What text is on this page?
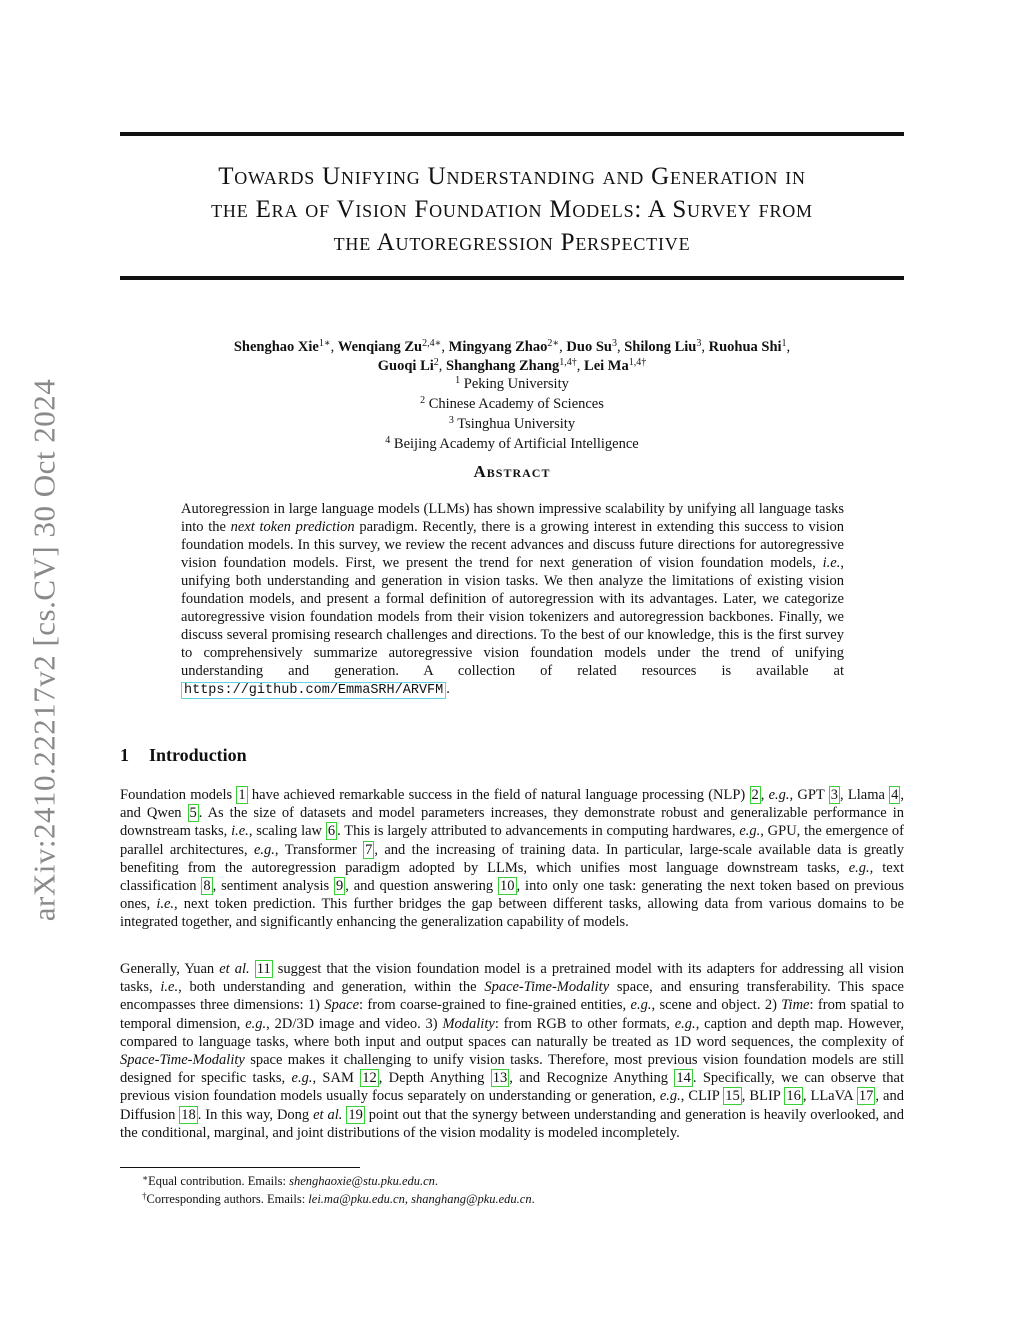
arXiv:2410.22217v2 [cs.CV] 30 Oct 2024
Towards Unifying Understanding and Generation in
the Era of Vision Foundation Models: A Survey from
the Autoregression Perspective
Shenghao Xie$^{1∗}$, Wenqiang $Zu^{2,4∗}$, Mingyang Zhao$^{2∗}$, Duo Su$^3$, Shilong Liu$^3$, Ruohua Shi$^1$,
Guoqi Li$^2$, Shanghang Zhang$^{1,4\dagger}$, Lei $Ma^{1,4\dagger}$
$^1$ Peking University
$^2$ Chinese Academy of Sciences
$^3$ Tsinghua University
$^4$ Beijing Academy of Artificial Intelligence
Abstract
Autoregression in large language models (LLMs) has shown impressive scalability by unifying all language tasks into the next token prediction paradigm. Recently, there is a growing interest in extending this success to vision foundation models. In this survey, we review the recent advances and discuss future directions for autoregressive vision foundation models. First, we present the trend for next generation of vision foundation models, i.e., unifying both understanding and generation in vision tasks. We then analyze the limitations of existing vision foundation models, and present a formal definition of autoregression with its advantages. Later, we categorize autoregressive vision foundation models from their vision tokenizers and autoregression backbones. Finally, we discuss several promising research challenges and directions. To the best of our knowledge, this is the first survey to comprehensively summarize autoregressive vision foundation models under the trend of unifying understanding and generation. A collection of related resources is available at https://github.com/EmmaSRH/ARVFM .
1 Introduction
Foundation models 1 have achieved remarkable success in the field of natural language processing (NLP) 2 , e.g., GPT 3 , Llama 4 , and Qwen 5 . As the size of datasets and model parameters increases, they demonstrate robust and generalizable performance in downstream tasks, i.e., scaling law 6 . This is largely attributed to advancements in computing hardwares, e.g., GPU, the emergence of parallel architectures, e.g., Transformer 7 , and the increasing of training data. In particular, large-scale available data is greatly benefiting from the autoregression paradigm adopted by LLMs, which unifies most language downstream tasks, e.g., text classification 8 , sentiment analysis 9 , and question answering 10 , into only one task: generating the next token based on previous ones, i.e., next token prediction. This further bridges the gap between different tasks, allowing data from various domains to be integrated together, and significantly enhancing the generalization capability of models.
Generally, Yuan et al. 11 suggest that the vision foundation model is a pretrained model with its adapters for addressing all vision tasks, i.e., both understanding and generation, within the Space-Time-Modality space, and ensuring transferability. This space encompasses three dimensions: 1) Space: from coarse-grained to fine-grained entities, e.g., scene and object. 2) Time: from spatial to temporal dimension, e.g., 2D/3D image and video. 3) Modality: from RGB to other formats, e.g., caption and depth map. However, compared to language tasks, where both input and output spaces can naturally be treated as 1D word sequences, the complexity of Space-Time-Modality space makes it challenging to unify vision tasks. Therefore, most previous vision foundation models are still designed for specific tasks, e.g., SAM 12 , Depth Anything 13 , and Recognize Anything 14 . Specifically, we can observe that previous vision foundation models usually focus separately on understanding or generation, e.g., CLIP 15 , BLIP 16 , LLaVA 17 , and Diffusion 18 . In this way, Dong et al. 19 point out that the synergy between understanding and generation is heavily overlooked, and the conditional, marginal, and joint distributions of the vision modality is modeled incompletely.
∗Equal contribution. Emails: shenghaoxie@stu.pku.edu.cn.
†Corresponding authors. Emails: lei.ma@pku.edu.cn, shanghang@pku.edu.cn.
